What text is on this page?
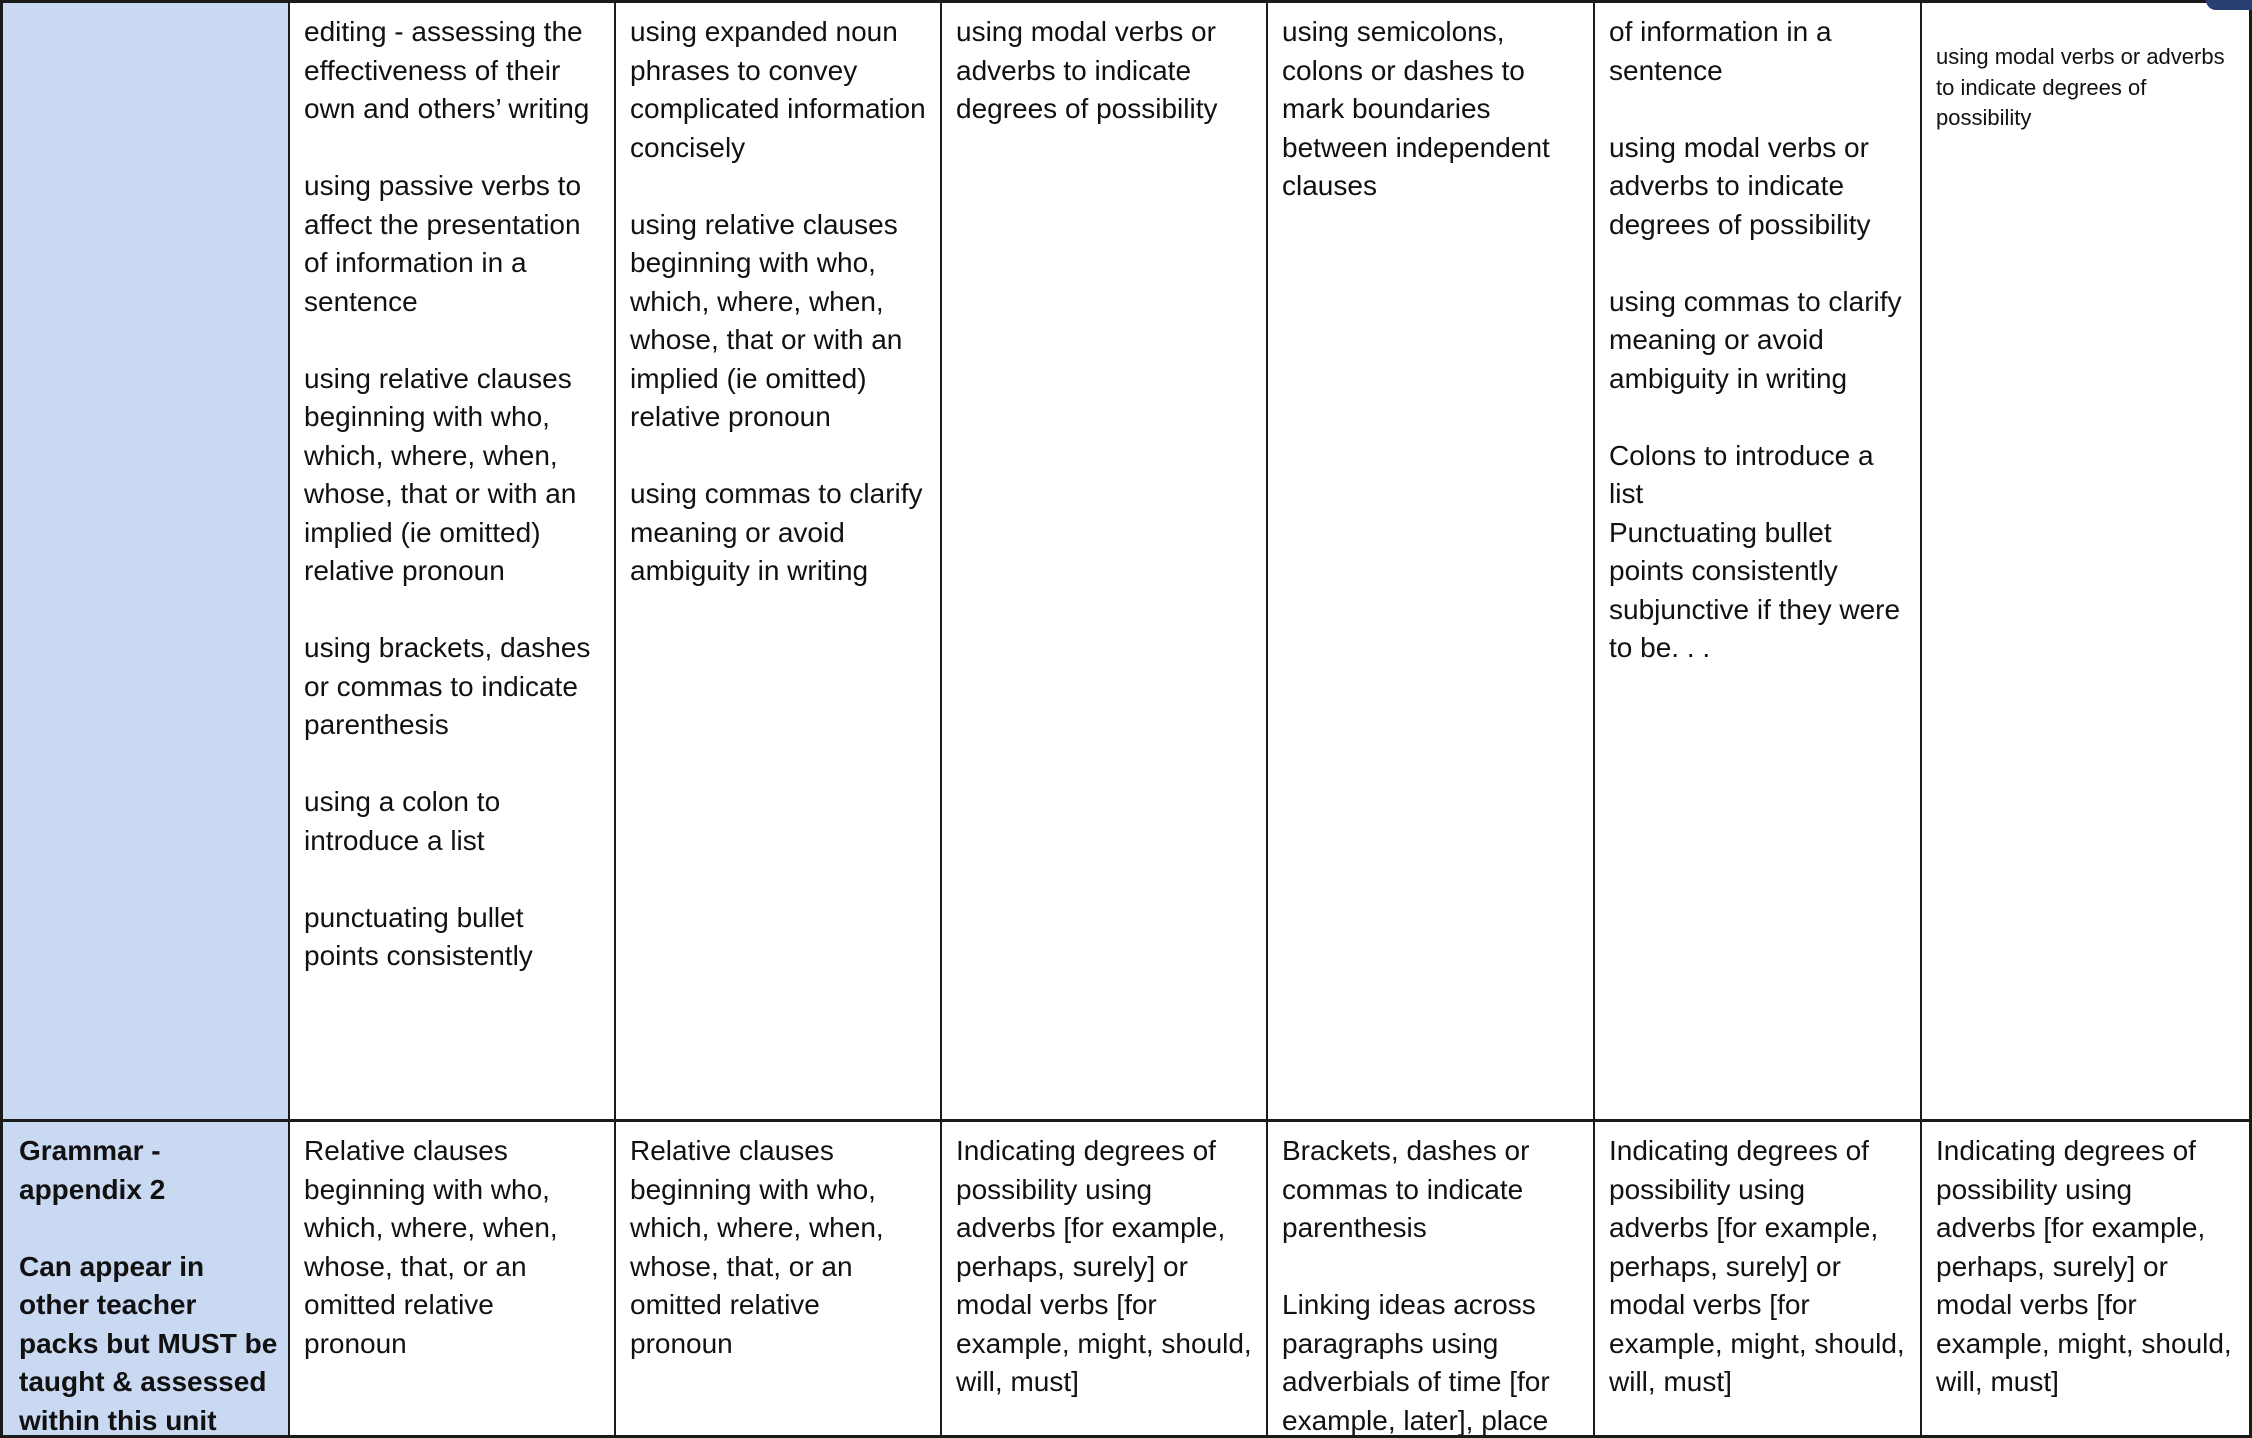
editing - assessing the effectiveness of their own and others’ writing

using passive verbs to affect the presentation of information in a sentence

using relative clauses beginning with who, which, where, when, whose, that or with an implied (ie omitted) relative pronoun

using brackets, dashes or commas to indicate parenthesis

using a colon to introduce a list

punctuating bullet points consistently

using expanded noun phrases to convey complicated information concisely

using relative clauses beginning with who, which, where, when, whose, that or with an implied (ie omitted) relative pronoun

using commas to clarify meaning or avoid ambiguity in writing

using modal verbs or adverbs to indicate degrees of possibility

using semicolons, colons or dashes to mark boundaries between independent clauses

of information in a sentence

using modal verbs or adverbs to indicate degrees of possibility

using commas to clarify meaning or avoid ambiguity in writing

Colons to introduce a list

Punctuating bullet points consistently

subjunctive if they were to be. . .

using modal verbs or adverbs to indicate degrees of possibility

Grammar - appendix 2

Can appear in other teacher packs but MUST be taught & assessed within this unit

Relative clauses beginning with who, which, where, when, whose, that, or an omitted relative pronoun

Relative clauses beginning with who, which, where, when, whose, that, or an omitted relative pronoun

Indicating degrees of possibility using adverbs [for example, perhaps, surely] or modal verbs [for example, might, should, will, must]

Brackets, dashes or commas to indicate parenthesis

Linking ideas across paragraphs using adverbials of time [for example, later], place

Indicating degrees of possibility using adverbs [for example, perhaps, surely] or modal verbs [for example, might, should, will, must]

Indicating degrees of possibility using adverbs [for example, perhaps, surely] or modal verbs [for example, might, should, will, must]
